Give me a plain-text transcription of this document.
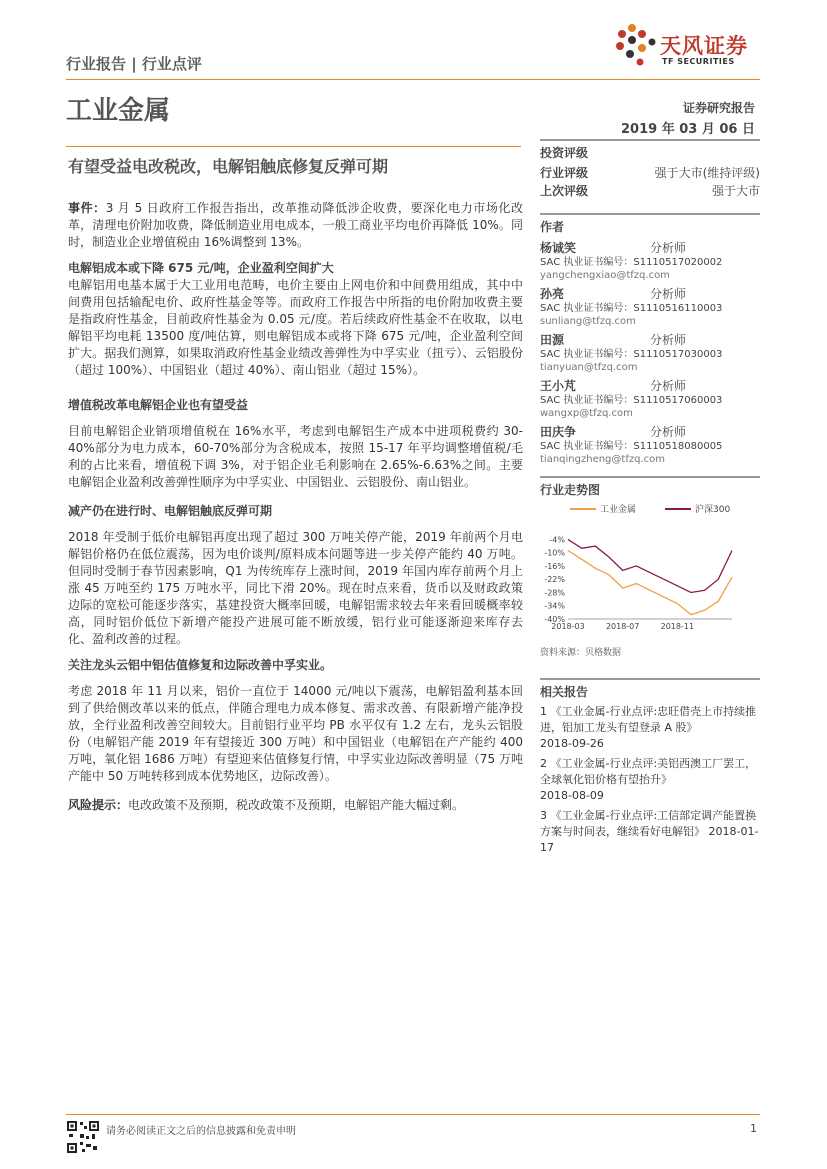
行业报告 | 行业点评
天风证券
TF SECURITIES
工业金属	证券研究报告
2019 年 03 月 06 日
有望受益电改税改，电解铝触底修复反弹可期

事件：3 月 5 日政府工作报告指出，改革推动降低涉企收费，要深化电力市场化改革，清理电价附加收费，降低制造业用电成本，一般工商业平均电价再降低 10%。同时，制造业企业增值税由 16%调整到 13%。

电解铝成本或下降 675 元/吨，企业盈利空间扩大

电解铝用电基本属于大工业用电范畴，电价主要由上网电价和中间费用组成，其中中间费用包括输配电价、政府性基金等等。而政府工作报告中所指的电价附加收费主要是指政府性基金，目前政府性基金为 0.05 元/度。若后续政府性基金不在收取，以电解铝平均电耗 13500 度/吨估算，则电解铝成本或将下降 675 元/吨，企业盈利空间扩大。据我们测算，如果取消政府性基金业绩改善弹性为中孚实业（扭亏）、云铝股份（超过 100%）、中国铝业（超过 40%）、南山铝业（超过 15%）。

增值税改革电解铝企业也有望受益

目前电解铝企业销项增值税在 16%水平，考虑到电解铝生产成本中进项税费约 30-40%部分为电力成本，60-70%部分为含税成本，按照 15-17 年平均调整增值税/毛利的占比来看，增值税下调 3%，对于铝企业毛利影响在 2.65%-6.63%之间。主要电解铝企业盈利改善弹性顺序为中孚实业、中国铝业、云铝股份、南山铝业。

减产仍在进行时、电解铝触底反弹可期

2018 年受制于低价电解铝再度出现了超过 300 万吨关停产能，2019 年前两个月电解铝价格仍在低位震荡，因为电价谈判/原料成本问题等进一步关停产能约 40 万吨。但同时受制于春节因素影响，Q1 为传统库存上涨时间，2019 年国内库存前两个月上涨 45 万吨至约 175 万吨水平，同比下滑 20%。现在时点来看，货币以及财政政策边际的宽松可能逐步落实，基建投资大概率回暖，电解铝需求较去年来看回暖概率较高，同时铝价低位下新增产能投产进展可能不断放缓，铝行业可能逐渐迎来库存去化、盈利改善的过程。

关注龙头云铝中铝估值修复和边际改善中孚实业。

考虑 2018 年 11 月以来，铝价一直位于 14000 元/吨以下震荡，电解铝盈利基本回到了供给侧改革以来的低点，伴随合理电力成本修复、需求改善、有限新增产能净投放，全行业盈利改善空间较大。目前铝行业平均 PB 水平仅有 1.2 左右，龙头云铝股份（电解铝产能 2019 年有望接近 300 万吨）和中国铝业（电解铝在产产能约 400 万吨，氧化铝 1686 万吨）有望迎来估值修复行情，中孚实业边际改善明显（75 万吨产能中 50 万吨转移到成本优势地区，边际改善）。

风险提示：电改政策不及预期，税改政策不及预期，电解铝产能大幅过剩。

投资评级
行业评级	强于大市(维持评级)
上次评级	强于大市
作者
杨诚笑	分析师
SAC 执业证书编号：S1110517020002
yangchengxiao@tfzq.com
孙亮	分析师
SAC 执业证书编号：S1110516110003
sunliang@tfzq.com
田源	分析师
SAC 执业证书编号：S1110517030003
tianyuan@tfzq.com
王小芃	分析师
SAC 执业证书编号：S1110517060003
wangxp@tfzq.com
田庆争	分析师
SAC 执业证书编号：S1110518080005
tianqingzheng@tfzq.com
行业走势图
工业金属	沪深300
-4%
-10%
-16%
-22%
-28%
-34%
-40%
2018-03	2018-07	2018-11
资料来源：贝格数据
相关报告
1 《工业金属-行业点评:忠旺借壳上市持续推进，铝加工龙头有望登录 A 股》
2018-09-26
2 《工业金属-行业点评:美铝西澳工厂罢工，全球氧化铝价格有望抬升》
2018-08-09
3 《工业金属-行业点评:工信部定调产能置换方案与时间表，继续看好电解铝》 2018-01-17
请务必阅读正文之后的信息披露和免责申明	1
